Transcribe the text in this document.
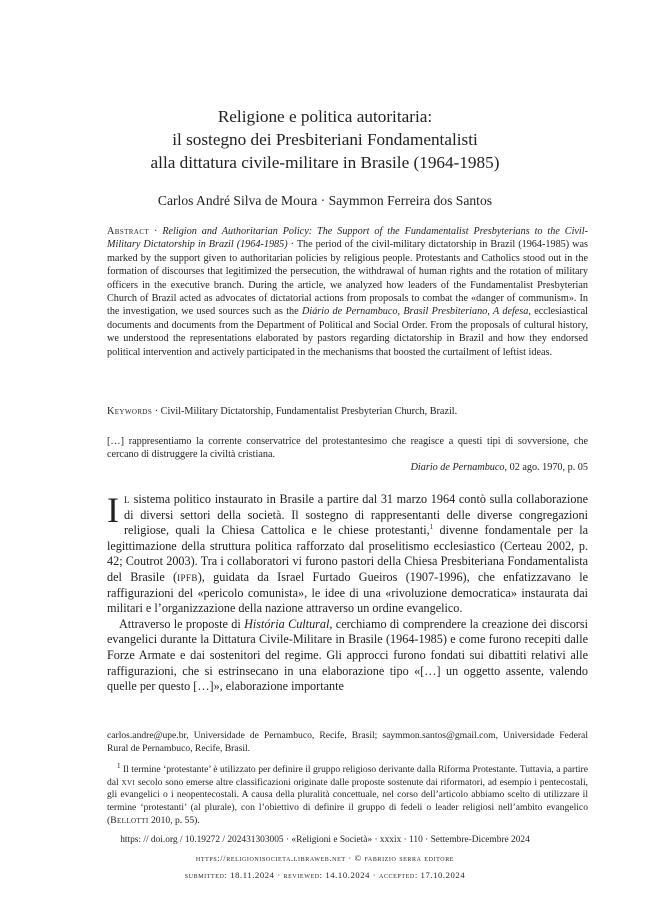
Religione e politica autoritaria:
il sostegno dei Presbiteriani Fondamentalisti
alla dittatura civile-militare in Brasile (1964-1985)
Carlos André Silva de Moura · Saymmon Ferreira dos Santos
Abstract · Religion and Authoritarian Policy: The Support of the Fundamentalist Presbyterians to the Civil-Military Dictatorship in Brazil (1964-1985) · The period of the civil-military dictatorship in Brazil (1964-1985) was marked by the support given to authoritarian policies by religious people. Protestants and Catholics stood out in the formation of discourses that legitimized the persecution, the withdrawal of human rights and the rotation of military officers in the executive branch. During the article, we analyzed how leaders of the Fundamentalist Presbyterian Church of Brazil acted as advocates of dictatorial actions from proposals to combat the «danger of communism». In the investigation, we used sources such as the Diário de Pernambuco, Brasil Presbiteriano, A defesa, ecclesiastical documents and documents from the Department of Political and Social Order. From the proposals of cultural history, we understood the representations elaborated by pastors regarding dictatorship in Brazil and how they endorsed political intervention and actively participated in the mechanisms that boosted the curtailment of leftist ideas.
Keywords · Civil-Military Dictatorship, Fundamentalist Presbyterian Church, Brazil.
[…] rappresentiamo la corrente conservatrice del protestantesimo che reagisce a questi tipi di sovversione, che cercano di distruggere la civiltà cristiana.
Diario de Pernambuco, 02 ago. 1970, p. 05

Il sistema politico instaurato in Brasile a partire dal 31 marzo 1964 contò sulla collaborazione di diversi settori della società. Il sostegno di rappresentanti delle diverse congregazioni religiose, quali la Chiesa Cattolica e le chiese protestanti,$^1$ divenne fondamentale per la legittimazione della struttura politica rafforzato dal proselitismo ecclesiastico (Certeau 2002, p. 42; Coutrot 2003). Tra i collaboratori vi furono pastori della Chiesa Presbiteriana Fondamentalista del Brasile (ipfb), guidata da Israel Furtado Gueiros (1907-1996), che enfatizzavano le raffigurazioni del «pericolo comunista», le idee di una «rivoluzione democratica» instaurata dai militari e l’organizzazione della nazione attraverso un ordine evangelico.

Attraverso le proposte di História Cultural, cerchiamo di comprendere la creazione dei discorsi evangelici durante la Dittatura Civile-Militare in Brasile (1964-1985) e come furono recepiti dalle Forze Armate e dai sostenitori del regime. Gli approcci furono fondati sui dibattiti relativi alle raffigurazioni, che si estrinsecano in una elaborazione tipo «[…] un oggetto assente, valendo quelle per questo […]», elaborazione importante

carlos.andre@upe.br, Universidade de Pernambuco, Recife, Brasil; saymmon.santos@gmail.com, Universidade Federal Rural de Pernambuco, Recife, Brasil.

$^1$ Il termine ‘protestante’ è utilizzato per definire il gruppo religioso derivante dalla Riforma Protestante. Tuttavia, a partire dal xvi secolo sono emerse altre classificazioni originate dalle proposte sostenute dai riformatori, ad esempio i pentecostali, gli evangelici o i neopentecostali. A causa della pluralità concettuale, nel corso dell’articolo abbiamo scelto di utilizzare il termine ‘protestanti’ (al plurale), con l’obiettivo di definire il gruppo di fedeli o leader religiosi nell’ambito evangelico (Bellotti 2010, p. 55).

https: // doi.org / 10.19272 / 202431303005 · «Religioni e Società» · xxxix · 110 · Settembre-Dicembre 2024
https://religionisocieta.libraweb.net · © fabrizio serra editore
submitted: 18.11.2024 · reviewed: 14.10.2024 · accepted: 17.10.2024
